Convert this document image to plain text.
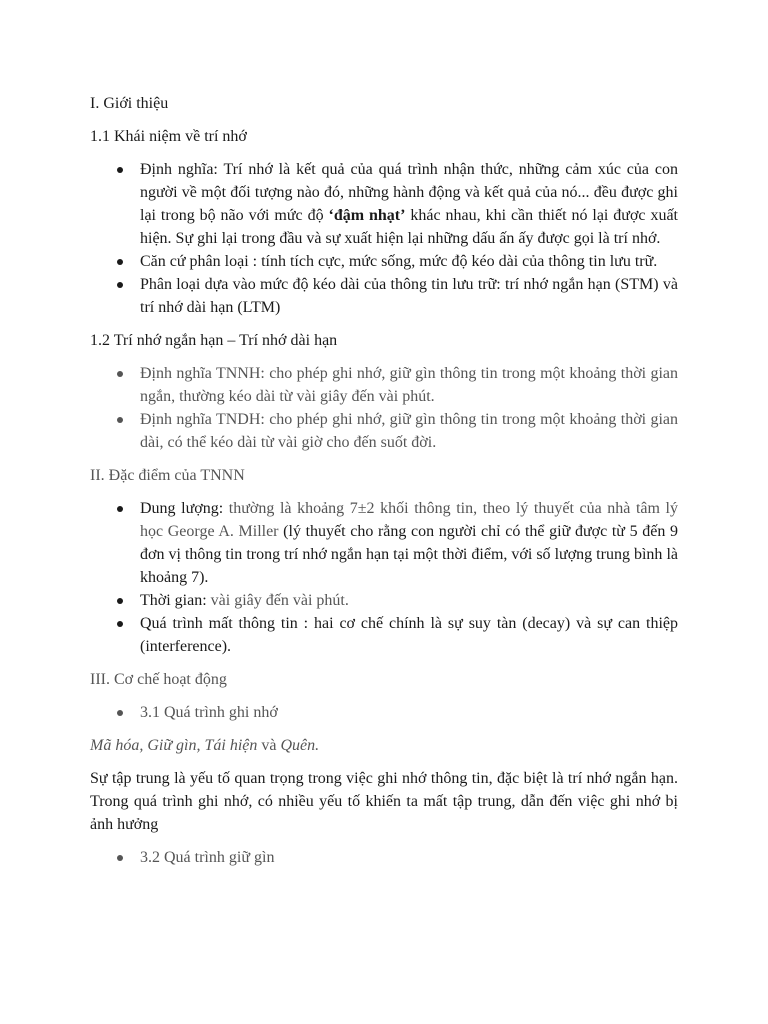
I. Giới thiệu

1.1 Khái niệm về trí nhớ

Định nghĩa: Trí nhớ là kết quả của quá trình nhận thức, những cảm xúc của con người về một đối tượng nào đó, những hành động và kết quả của nó... đều được ghi lại trong bộ não với mức độ ‘đậm nhạt’ khác nhau, khi cần thiết nó lại được xuất hiện. Sự ghi lại trong đầu và sự xuất hiện lại những dấu ấn ấy được gọi là trí nhớ.
Căn cứ phân loại : tính tích cực, mức sống, mức độ kéo dài của thông tin lưu trữ.
Phân loại dựa vào mức độ kéo dài của thông tin lưu trữ: trí nhớ ngắn hạn (STM) và trí nhớ dài hạn (LTM)

1.2 Trí nhớ ngắn hạn – Trí nhớ dài hạn

Định nghĩa TNNH: cho phép ghi nhớ, giữ gìn thông tin trong một khoảng thời gian ngắn, thường kéo dài từ vài giây đến vài phút.
Định nghĩa TNDH: cho phép ghi nhớ, giữ gìn thông tin trong một khoảng thời gian dài, có thể kéo dài từ vài giờ cho đến suốt đời.

II. Đặc điểm của TNNN

Dung lượng: thường là khoảng 7±2 khối thông tin, theo lý thuyết của nhà tâm lý học George A. Miller (lý thuyết cho rằng con người chỉ có thể giữ được từ 5 đến 9 đơn vị thông tin trong trí nhớ ngắn hạn tại một thời điểm, với số lượng trung bình là khoảng 7).
Thời gian: vài giây đến vài phút.
Quá trình mất thông tin : hai cơ chế chính là sự suy tàn (decay) và sự can thiệp (interference).

III. Cơ chế hoạt động

3.1 Quá trình ghi nhớ

Mã hóa, Giữ gìn, Tái hiện và Quên.

Sự tập trung là yếu tố quan trọng trong việc ghi nhớ thông tin, đặc biệt là trí nhớ ngắn hạn. Trong quá trình ghi nhớ, có nhiều yếu tố khiến ta mất tập trung, dẫn đến việc ghi nhớ bị ảnh hưởng

3.2 Quá trình giữ gìn
